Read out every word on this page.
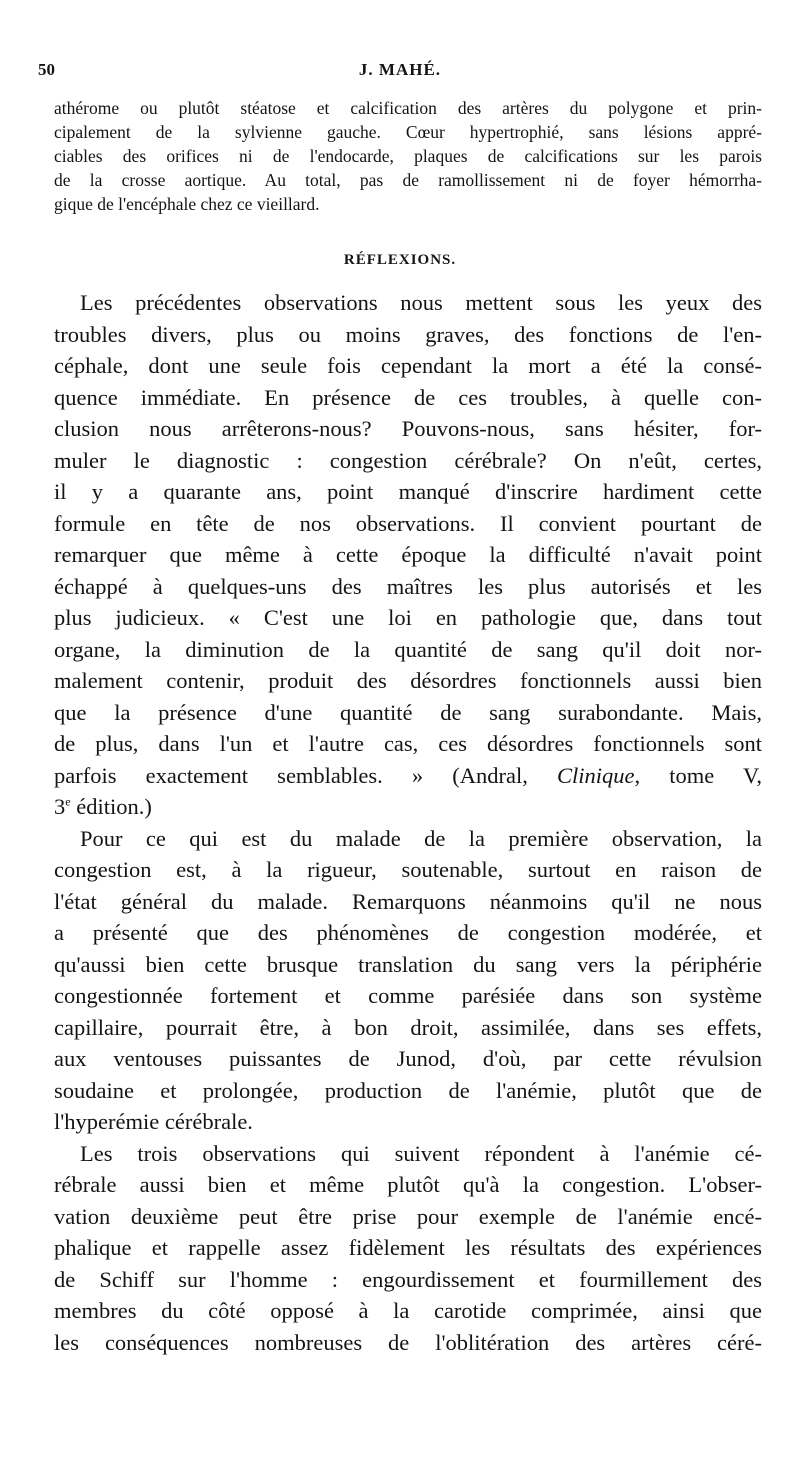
50	J. MAHÉ.
athérome ou plutôt stéatose et calcification des artères du polygone et prin-
cipalement de la sylvienne gauche. Cœur hypertrophié, sans lésions appré-
ciables des orifices ni de l'endocarde, plaques de calcifications sur les parois
de la crosse aortique. Au total, pas de ramollissement ni de foyer hémorrha-
gique de l'encéphale chez ce vieillard.
RÉFLEXIONS.
Les précédentes observations nous mettent sous les yeux des
troubles divers, plus ou moins graves, des fonctions de l'en-
céphale, dont une seule fois cependant la mort a été la consé-
quence immédiate. En présence de ces troubles, à quelle con-
clusion nous arrêterons-nous? Pouvons-nous, sans hésiter, for-
muler le diagnostic : congestion cérébrale? On n'eût, certes,
il y a quarante ans, point manqué d'inscrire hardiment cette
formule en tête de nos observations. Il convient pourtant de
remarquer que même à cette époque la difficulté n'avait point
échappé à quelques-uns des maîtres les plus autorisés et les
plus judicieux. « C'est une loi en pathologie que, dans tout
organe, la diminution de la quantité de sang qu'il doit nor-
malement contenir, produit des désordres fonctionnels aussi bien
que la présence d'une quantité de sang surabondante. Mais,
de plus, dans l'un et l'autre cas, ces désordres fonctionnels sont
parfois exactement semblables. » (Andral, Clinique, tome V,
3e édition.)
Pour ce qui est du malade de la première observation, la
congestion est, à la rigueur, soutenable, surtout en raison de
l'état général du malade. Remarquons néanmoins qu'il ne nous
a présenté que des phénomènes de congestion modérée, et
qu'aussi bien cette brusque translation du sang vers la périphérie
congestionnée fortement et comme parésiée dans son système
capillaire, pourrait être, à bon droit, assimilée, dans ses effets,
aux ventouses puissantes de Junod, d'où, par cette révulsion
soudaine et prolongée, production de l'anémie, plutôt que de
l'hyperémie cérébrale.
Les trois observations qui suivent répondent à l'anémie cé-
rébrale aussi bien et même plutôt qu'à la congestion. L'obser-
vation deuxième peut être prise pour exemple de l'anémie encé-
phalique et rappelle assez fidèlement les résultats des expériences
de Schiff sur l'homme : engourdissement et fourmillement des
membres du côté opposé à la carotide comprimée, ainsi que
les conséquences nombreuses de l'oblitération des artères céré-
